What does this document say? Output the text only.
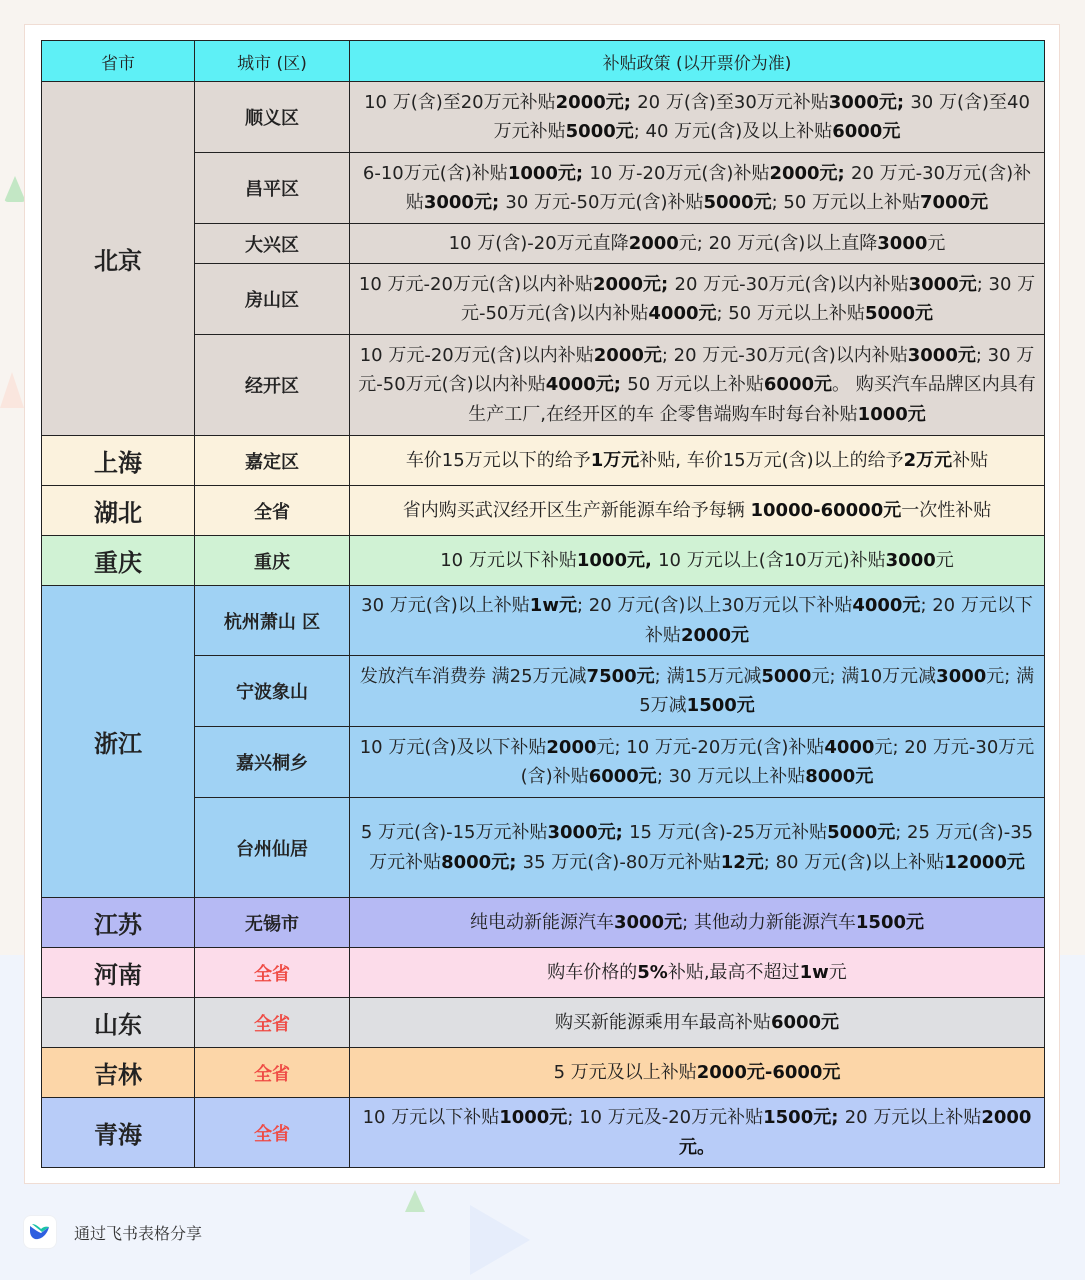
省市	城市 (区)	补贴政策 (以开票价为准)
北京	顺义区	10 万(含)至20万元补贴2000元; 20 万(含)至30万元补贴3000元; 30 万(含)至40万元补贴5000元; 40 万元(含)及以上补贴6000元
	昌平区	6-10万元(含)补贴1000元; 10 万-20万元(含)补贴2000元; 20 万元-30万元(含)补贴3000元; 30 万元-50万元(含)补贴5000元; 50 万元以上补贴7000元
	大兴区	10 万(含)-20万元直降2000元; 20 万元(含)以上直降3000元
	房山区	10 万元-20万元(含)以内补贴2000元; 20 万元-30万元(含)以内补贴3000元; 30 万元-50万元(含)以内补贴4000元; 50 万元以上补贴5000元
	经开区	10 万元-20万元(含)以内补贴2000元; 20 万元-30万元(含)以内补贴3000元; 30 万元-50万元(含)以内补贴4000元; 50 万元以上补贴6000元。 购买汽车品牌区内具有生产工厂,在经开区的车 企零售端购车时每台补贴1000元
上海	嘉定区	车价15万元以下的给予1万元补贴, 车价15万元(含)以上的给予2万元补贴
湖北	全省	省内购买武汉经开区生产新能源车给予每辆 10000-60000元一次性补贴
重庆	重庆	10 万元以下补贴1000元, 10 万元以上(含10万元)补贴3000元
浙江	杭州萧山 区	30 万元(含)以上补贴1w元; 20 万元(含)以上30万元以下补贴4000元; 20 万元以下补贴2000元
	宁波象山	发放汽车消费券 满25万元减7500元; 满15万元减5000元; 满10万元减3000元; 满5万减1500元
	嘉兴桐乡	10 万元(含)及以下补贴2000元; 10 万元-20万元(含)补贴4000元; 20 万元-30万元(含)补贴6000元; 30 万元以上补贴8000元
	台州仙居	5 万元(含)-15万元补贴3000元; 15 万元(含)-25万元补贴5000元; 25 万元(含)-35万元补贴8000元; 35 万元(含)-80万元补贴12元; 80 万元(含)以上补贴12000元
江苏	无锡市	纯电动新能源汽车3000元; 其他动力新能源汽车1500元
河南	全省	购车价格的5%补贴,最高不超过1w元
山东	全省	购买新能源乘用车最高补贴6000元
吉林	全省	5 万元及以上补贴2000元-6000元
青海	全省	10 万元以下补贴1000元; 10 万元及-20万元补贴1500元; 20 万元以上补贴2000元。
通过飞书表格分享
